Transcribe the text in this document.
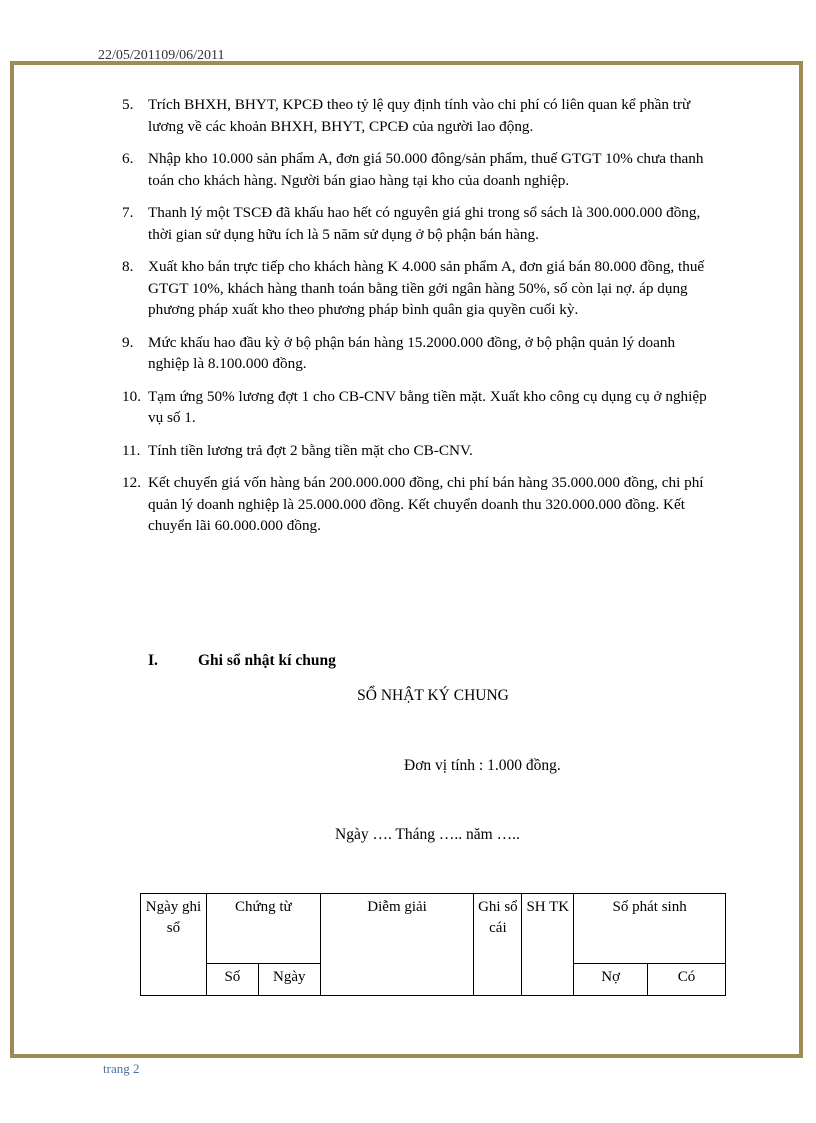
22/05/201109/06/2011
5. Trích BHXH, BHYT, KPCĐ theo tỷ lệ quy định tính vào chi phí có liên quan kể phần trừ lương về các khoản BHXH, BHYT, CPCĐ của người lao động.
6. Nhập kho 10.000 sản phẩm A, đơn giá 50.000 đông/sản phẩm, thuế GTGT 10% chưa thanh toán cho khách hàng. Người bán giao hàng tại kho của doanh nghiệp.
7. Thanh lý một TSCĐ đã khấu hao hết có nguyên giá ghi trong sổ sách là 300.000.000 đồng, thời gian sử dụng hữu ích là 5 năm sử dụng ở bộ phận bán hàng.
8. Xuất kho bán trực tiếp cho khách hàng K 4.000 sản phẩm A, đơn giá bán 80.000 đồng, thuế GTGT 10%, khách hàng thanh toán bằng tiền gởi ngân hàng 50%, số còn lại nợ. áp dụng phương pháp xuất kho theo phương pháp bình quân gia quyền cuối kỳ.
9. Mức khấu hao đầu kỳ ở bộ phận bán hàng 15.2000.000 đồng, ở bộ phận quản lý doanh nghiệp là 8.100.000 đồng.
10. Tạm ứng 50% lương đợt 1 cho CB-CNV bằng tiền mặt. Xuất kho công cụ dụng cụ ở nghiệp vụ số 1.
11. Tính tiền lương trả đợt 2 bằng tiền mặt cho CB-CNV.
12. Kết chuyển giá vốn hàng bán 200.000.000 đồng, chi phí bán hàng 35.000.000 đồng, chi phí quản lý doanh nghiệp là 25.000.000 đồng. Kết chuyển doanh thu 320.000.000 đồng. Kết chuyển lãi 60.000.000 đồng.
I.	Ghi sổ nhật kí chung
SỔ NHẬT KÝ CHUNG
Đơn vị tính : 1.000 đồng.
Ngày …. Tháng ….. năm …..
Ngày ghi sổ	Chứng từ		Diễm giải	Ghi sổ cái	SH TK	Số phát sinh	
	Số	Ngày				Nợ	Có
trang 2
